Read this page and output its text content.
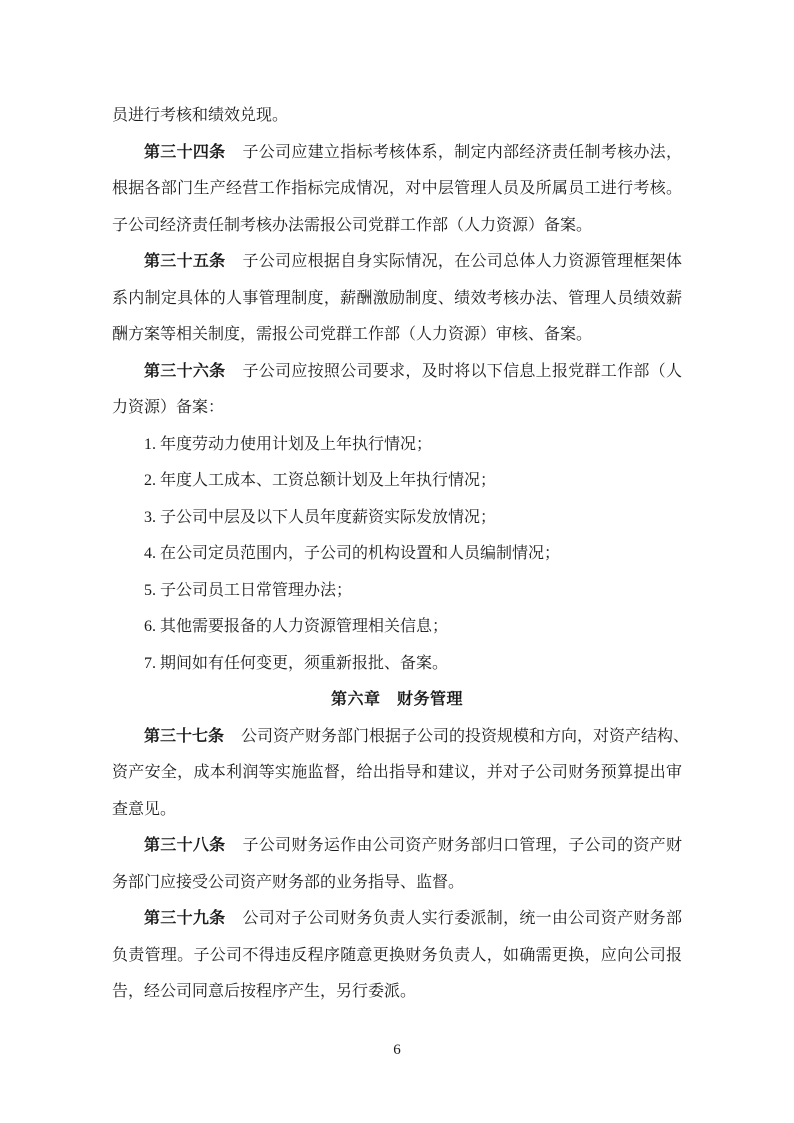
员进行考核和绩效兑现。
第三十四条 子公司应建立指标考核体系，制定内部经济责任制考核办法，
根据各部门生产经营工作指标完成情况，对中层管理人员及所属员工进行考核。
子公司经济责任制考核办法需报公司党群工作部（人力资源）备案。
第三十五条 子公司应根据自身实际情况，在公司总体人力资源管理框架体
系内制定具体的人事管理制度，薪酬激励制度、绩效考核办法、管理人员绩效薪
酬方案等相关制度，需报公司党群工作部（人力资源）审核、备案。
第三十六条 子公司应按照公司要求，及时将以下信息上报党群工作部（人
力资源）备案：
1. 年度劳动力使用计划及上年执行情况；
2. 年度人工成本、工资总额计划及上年执行情况；
3. 子公司中层及以下人员年度薪资实际发放情况；
4. 在公司定员范围内，子公司的机构设置和人员编制情况；
5. 子公司员工日常管理办法；
6. 其他需要报备的人力资源管理相关信息；
7. 期间如有任何变更，须重新报批、备案。
第六章　财务管理
第三十七条 公司资产财务部门根据子公司的投资规模和方向，对资产结构、
资产安全，成本利润等实施监督，给出指导和建议，并对子公司财务预算提出审
查意见。
第三十八条 子公司财务运作由公司资产财务部归口管理，子公司的资产财
务部门应接受公司资产财务部的业务指导、监督。
第三十九条 公司对子公司财务负责人实行委派制，统一由公司资产财务部
负责管理。子公司不得违反程序随意更换财务负责人，如确需更换，应向公司报
告，经公司同意后按程序产生，另行委派。
6
